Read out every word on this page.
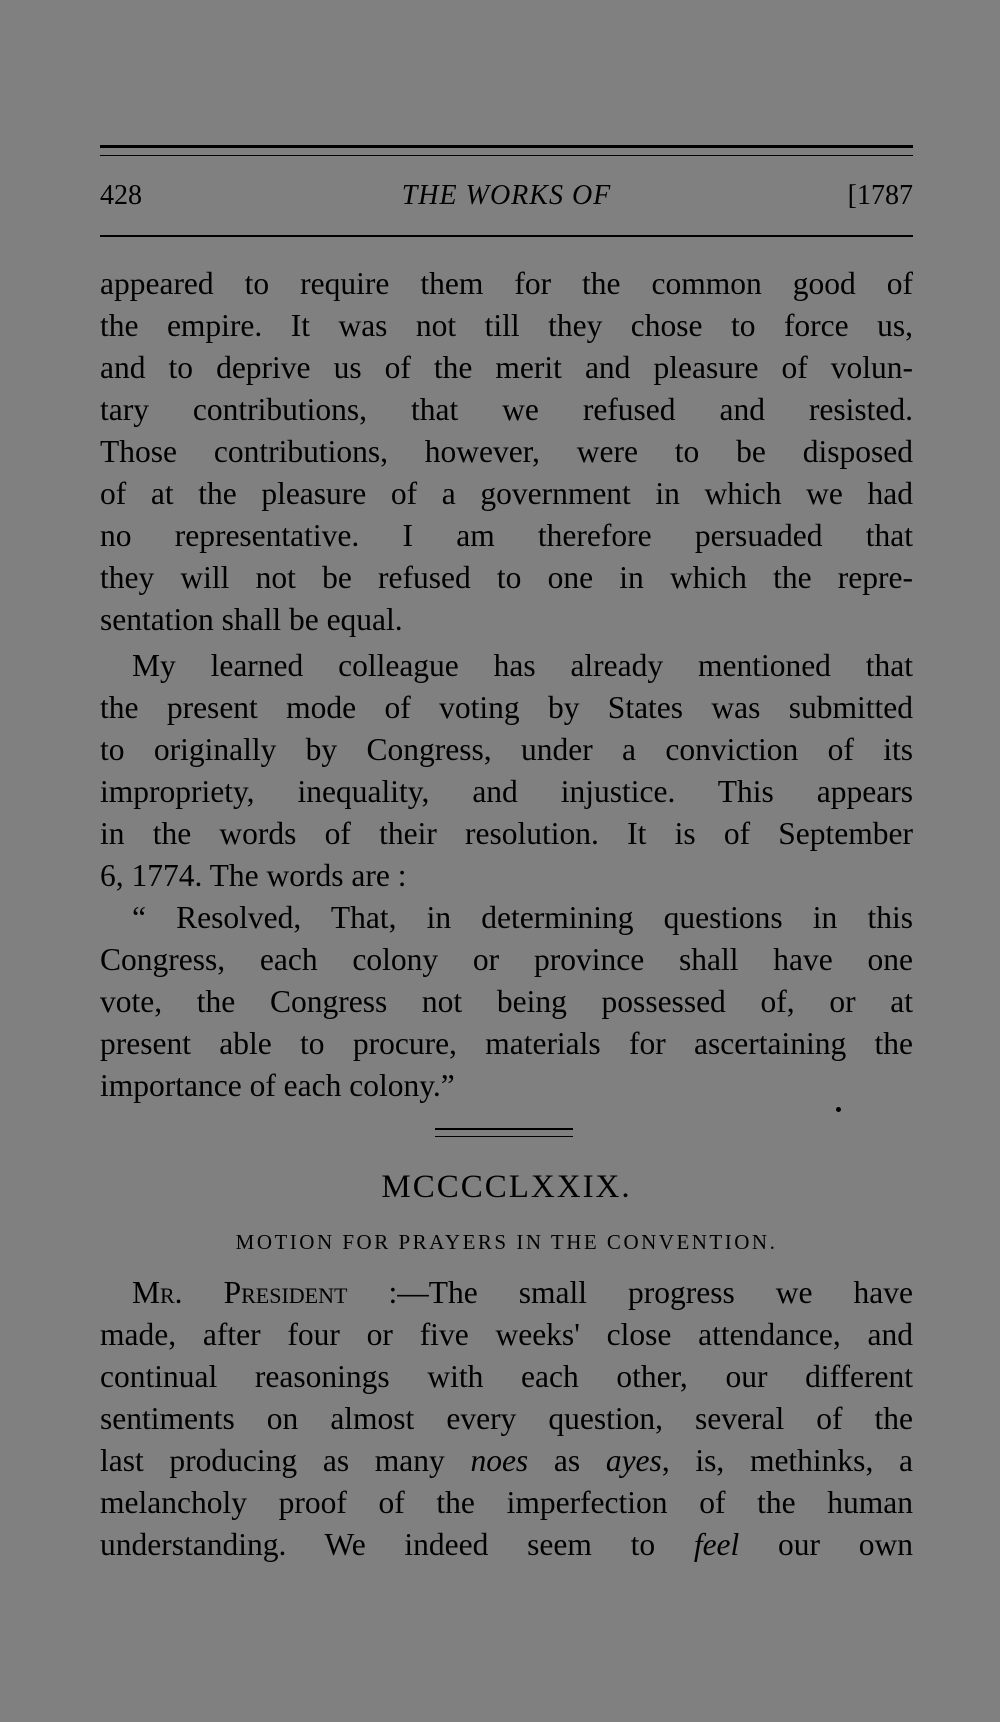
428	THE WORKS OF	[1787
appeared to require them for the common good of
the empire. It was not till they chose to force us,
and to deprive us of the merit and pleasure of volun-
tary contributions, that we refused and resisted.
Those contributions, however, were to be disposed
of at the pleasure of a government in which we had
no representative. I am therefore persuaded that
they will not be refused to one in which the repre-
sentation shall be equal.
My learned colleague has already mentioned that
the present mode of voting by States was submitted
to originally by Congress, under a conviction of its
impropriety, inequality, and injustice. This appears
in the words of their resolution. It is of September
6, 1774. The words are :
“ Resolved, That, in determining questions in this
Congress, each colony or province shall have one
vote, the Congress not being possessed of, or at
present able to procure, materials for ascertaining the
importance of each colony.”
MCCCCLXXIX.
MOTION FOR PRAYERS IN THE CONVENTION.
Mr. President :—The small progress we have
made, after four or five weeks' close attendance, and
continual reasonings with each other, our different
sentiments on almost every question, several of the
last producing as many noes as ayes, is, methinks, a
melancholy proof of the imperfection of the human
understanding. We indeed seem to feel our own
